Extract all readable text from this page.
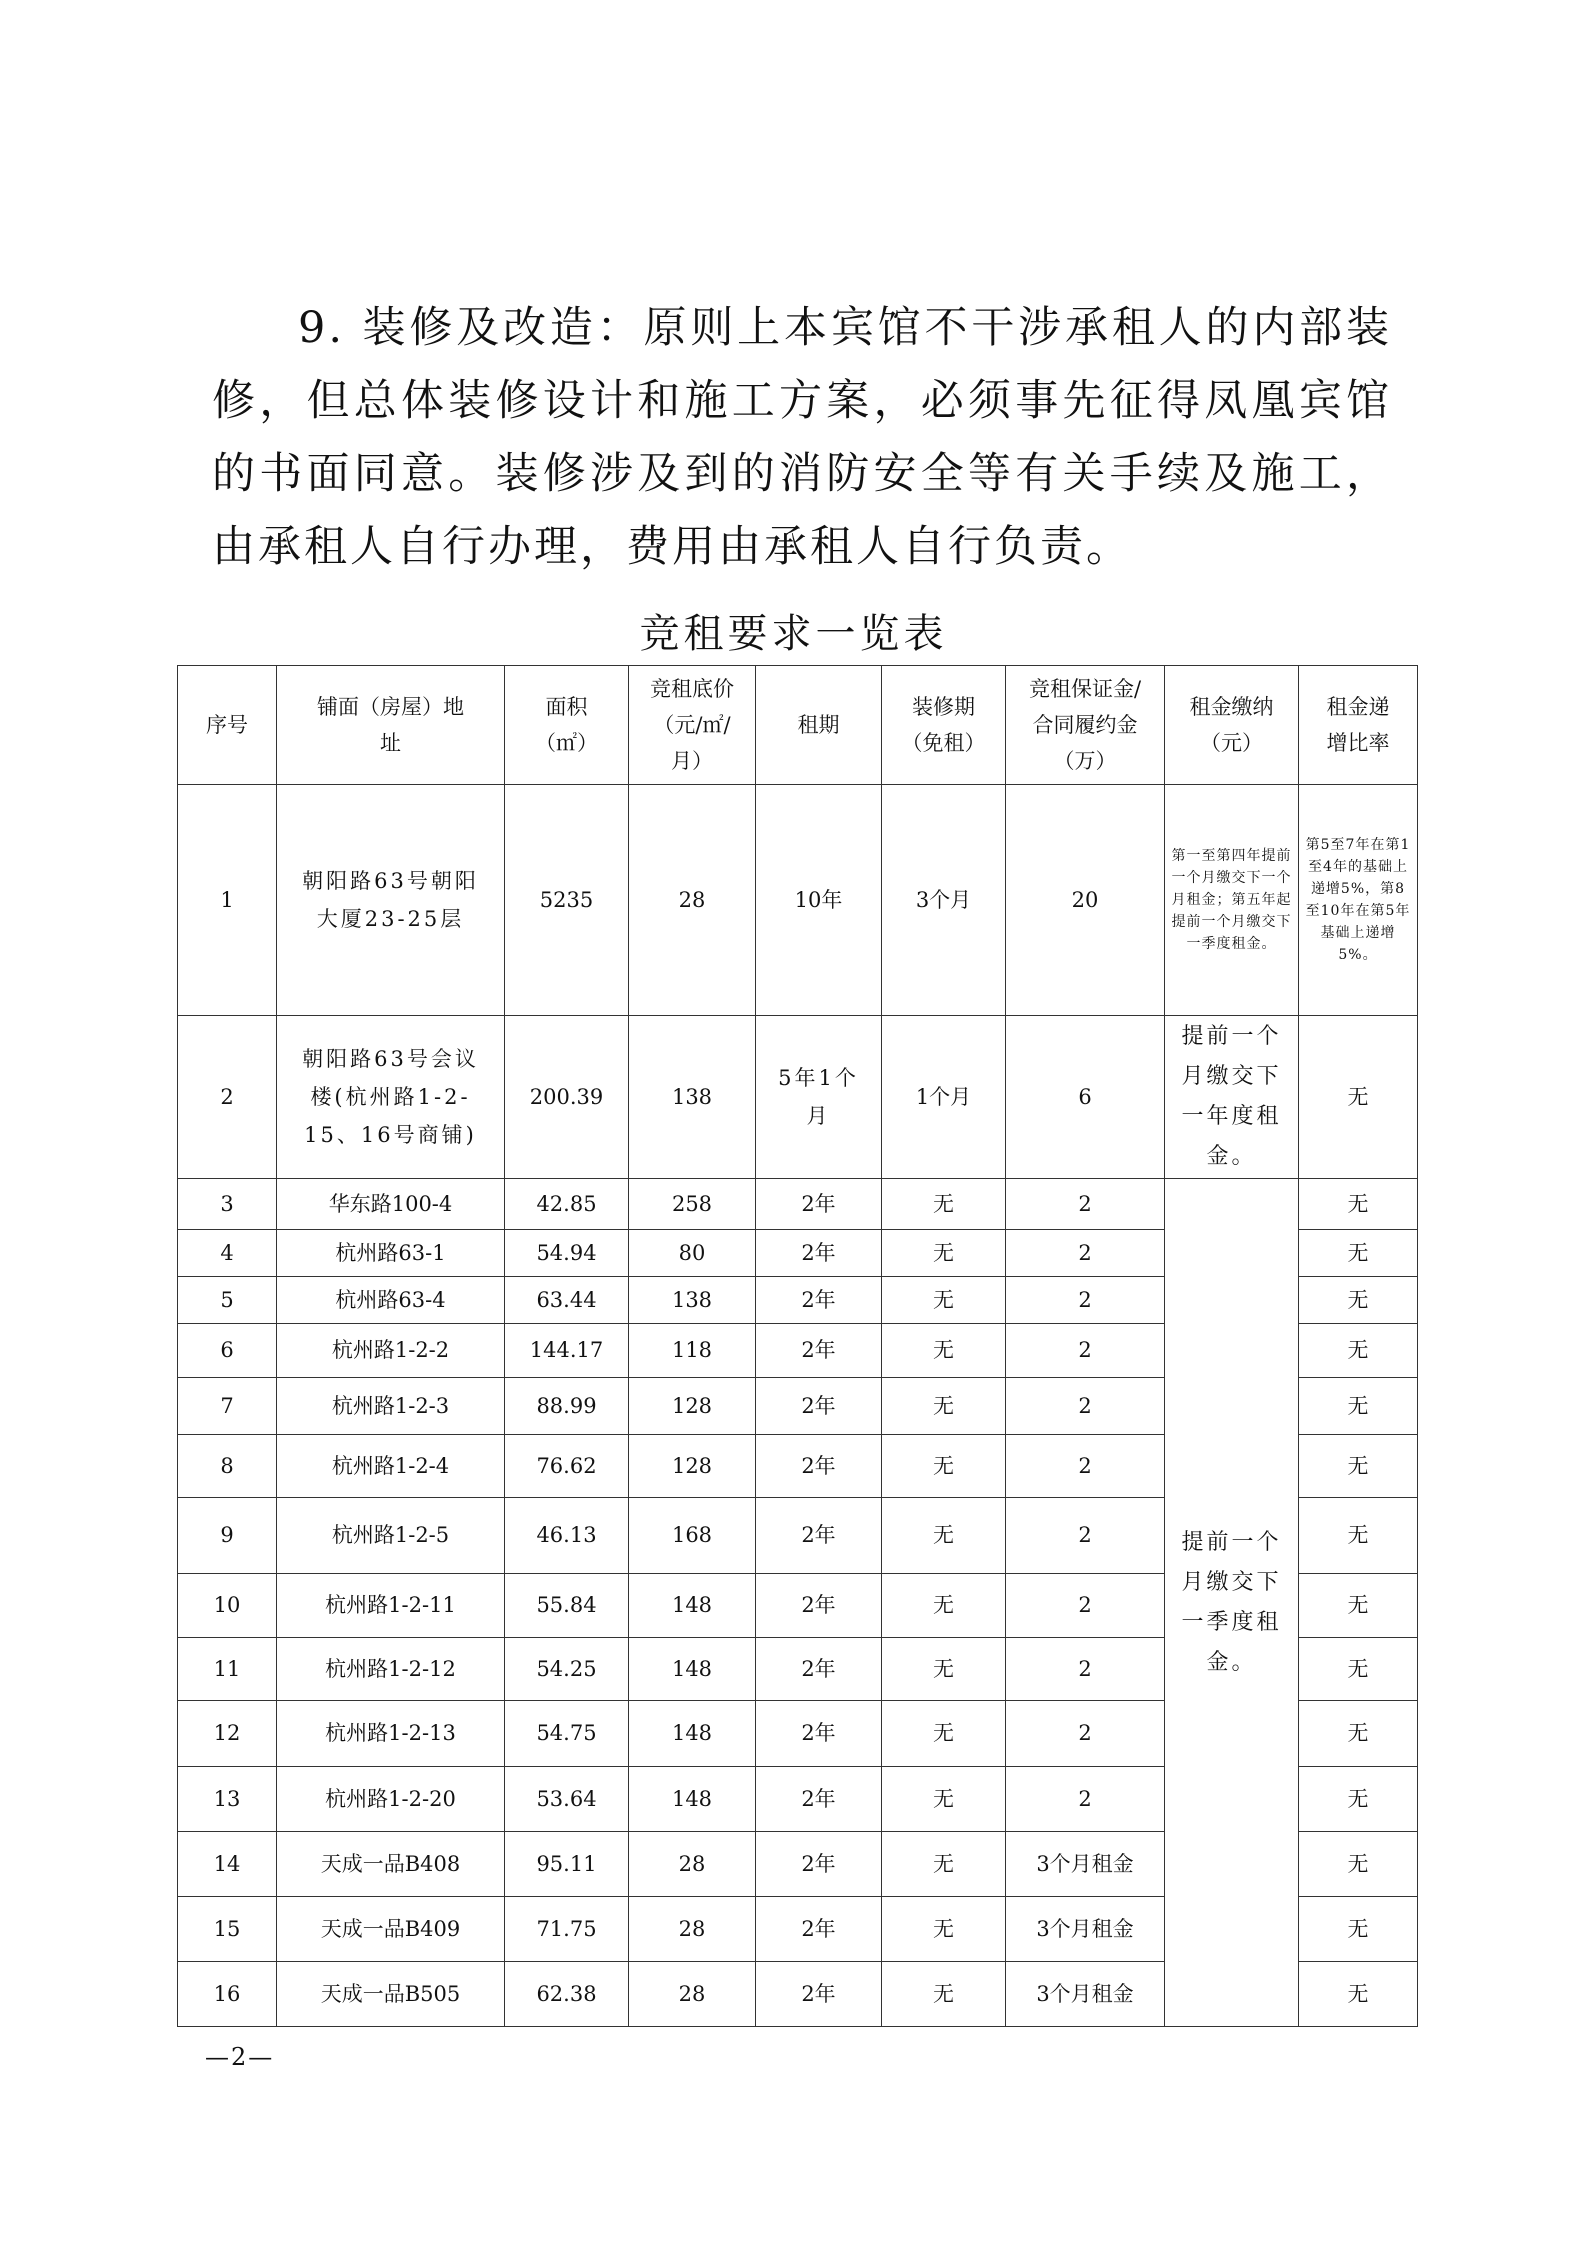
9. 装修及改造：原则上本宾馆不干涉承租人的内部装修，但总体装修设计和施工方案，必须事先征得凤凰宾馆的书面同意。装修涉及到的消防安全等有关手续及施工，由承租人自行办理，费用由承租人自行负责。

竞租要求一览表
序号	铺面（房屋）地址	面积（㎡）	竞租底价（元/㎡/月）	租期	装修期（免租）	竞租保证金/合同履约金（万）	租金缴纳（元）	租金递增比率
1	朝阳路63号朝阳大厦23-25层	5235	28	10年	3个月	20	第一至第四年提前一个月缴交下一个月租金；第五年起提前一个月缴交下一季度租金。	第5至7年在第1至4年的基础上递增5%，第8至10年在第5年基础上递增5%。
2	朝阳路63号会议楼(杭州路1-2-15、16号商铺)	200.39	138	5年1个月	1个月	6	提前一个月缴交下一年度租金。	无
3	华东路100-4	42.85	258	2年	无	2	提前一个月缴交下一季度租金。	无
4	杭州路63-1	54.94	80	2年	无	2		无
5	杭州路63-4	63.44	138	2年	无	2		无
6	杭州路1-2-2	144.17	118	2年	无	2		无
7	杭州路1-2-3	88.99	128	2年	无	2		无
8	杭州路1-2-4	76.62	128	2年	无	2		无
9	杭州路1-2-5	46.13	168	2年	无	2		无
10	杭州路1-2-11	55.84	148	2年	无	2		无
11	杭州路1-2-12	54.25	148	2年	无	2		无
12	杭州路1-2-13	54.75	148	2年	无	2		无
13	杭州路1-2-20	53.64	148	2年	无	2		无
14	天成一品B408	95.11	28	2年	无	3个月租金		无
15	天成一品B409	71.75	28	2年	无	3个月租金		无
16	天成一品B505	62.38	28	2年	无	3个月租金		无
—2—
